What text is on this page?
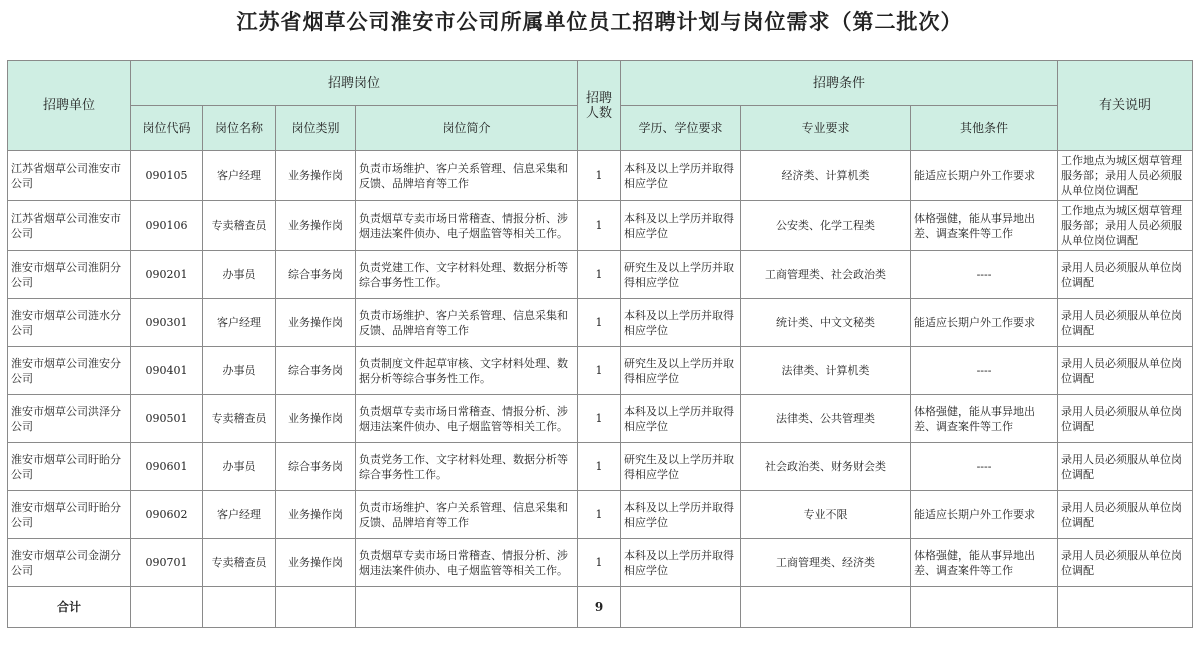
江苏省烟草公司淮安市公司所属单位员工招聘计划与岗位需求（第二批次）
招聘单位	招聘岗位				招聘人数	招聘条件			有关说明
	岗位代码	岗位名称	岗位类别	岗位简介		学历、学位要求	专业要求	其他条件	
江苏省烟草公司淮安市公司	090105	客户经理	业务操作岗	负责市场维护、客户关系管理、信息采集和反馈、品牌培育等工作	1	本科及以上学历并取得相应学位	经济类、计算机类	能适应长期户外工作要求	工作地点为城区烟草管理服务部；录用人员必须服从单位岗位调配
江苏省烟草公司淮安市公司	090106	专卖稽查员	业务操作岗	负责烟草专卖市场日常稽查、情报分析、涉烟违法案件侦办、电子烟监管等相关工作。	1	本科及以上学历并取得相应学位	公安类、化学工程类	体格强健，能从事异地出差、调查案件等工作	工作地点为城区烟草管理服务部；录用人员必须服从单位岗位调配
淮安市烟草公司淮阴分公司	090201	办事员	综合事务岗	负责党建工作、文字材料处理、数据分析等综合事务性工作。	1	研究生及以上学历并取得相应学位	工商管理类、社会政治类	----	录用人员必须服从单位岗位调配
淮安市烟草公司涟水分公司	090301	客户经理	业务操作岗	负责市场维护、客户关系管理、信息采集和反馈、品牌培育等工作	1	本科及以上学历并取得相应学位	统计类、中文文秘类	能适应长期户外工作要求	录用人员必须服从单位岗位调配
淮安市烟草公司淮安分公司	090401	办事员	综合事务岗	负责制度文件起草审核、文字材料处理、数据分析等综合事务性工作。	1	研究生及以上学历并取得相应学位	法律类、计算机类	----	录用人员必须服从单位岗位调配
淮安市烟草公司洪泽分公司	090501	专卖稽查员	业务操作岗	负责烟草专卖市场日常稽查、情报分析、涉烟违法案件侦办、电子烟监管等相关工作。	1	本科及以上学历并取得相应学位	法律类、公共管理类	体格强健，能从事异地出差、调查案件等工作	录用人员必须服从单位岗位调配
淮安市烟草公司盱眙分公司	090601	办事员	综合事务岗	负责党务工作、文字材料处理、数据分析等综合事务性工作。	1	研究生及以上学历并取得相应学位	社会政治类、财务财会类	----	录用人员必须服从单位岗位调配
淮安市烟草公司盱眙分公司	090602	客户经理	业务操作岗	负责市场维护、客户关系管理、信息采集和反馈、品牌培育等工作	1	本科及以上学历并取得相应学位	专业不限	能适应长期户外工作要求	录用人员必须服从单位岗位调配
淮安市烟草公司金湖分公司	090701	专卖稽查员	业务操作岗	负责烟草专卖市场日常稽查、情报分析、涉烟违法案件侦办、电子烟监管等相关工作。	1	本科及以上学历并取得相应学位	工商管理类、经济类	体格强健，能从事异地出差、调查案件等工作	录用人员必须服从单位岗位调配
合计					9				
